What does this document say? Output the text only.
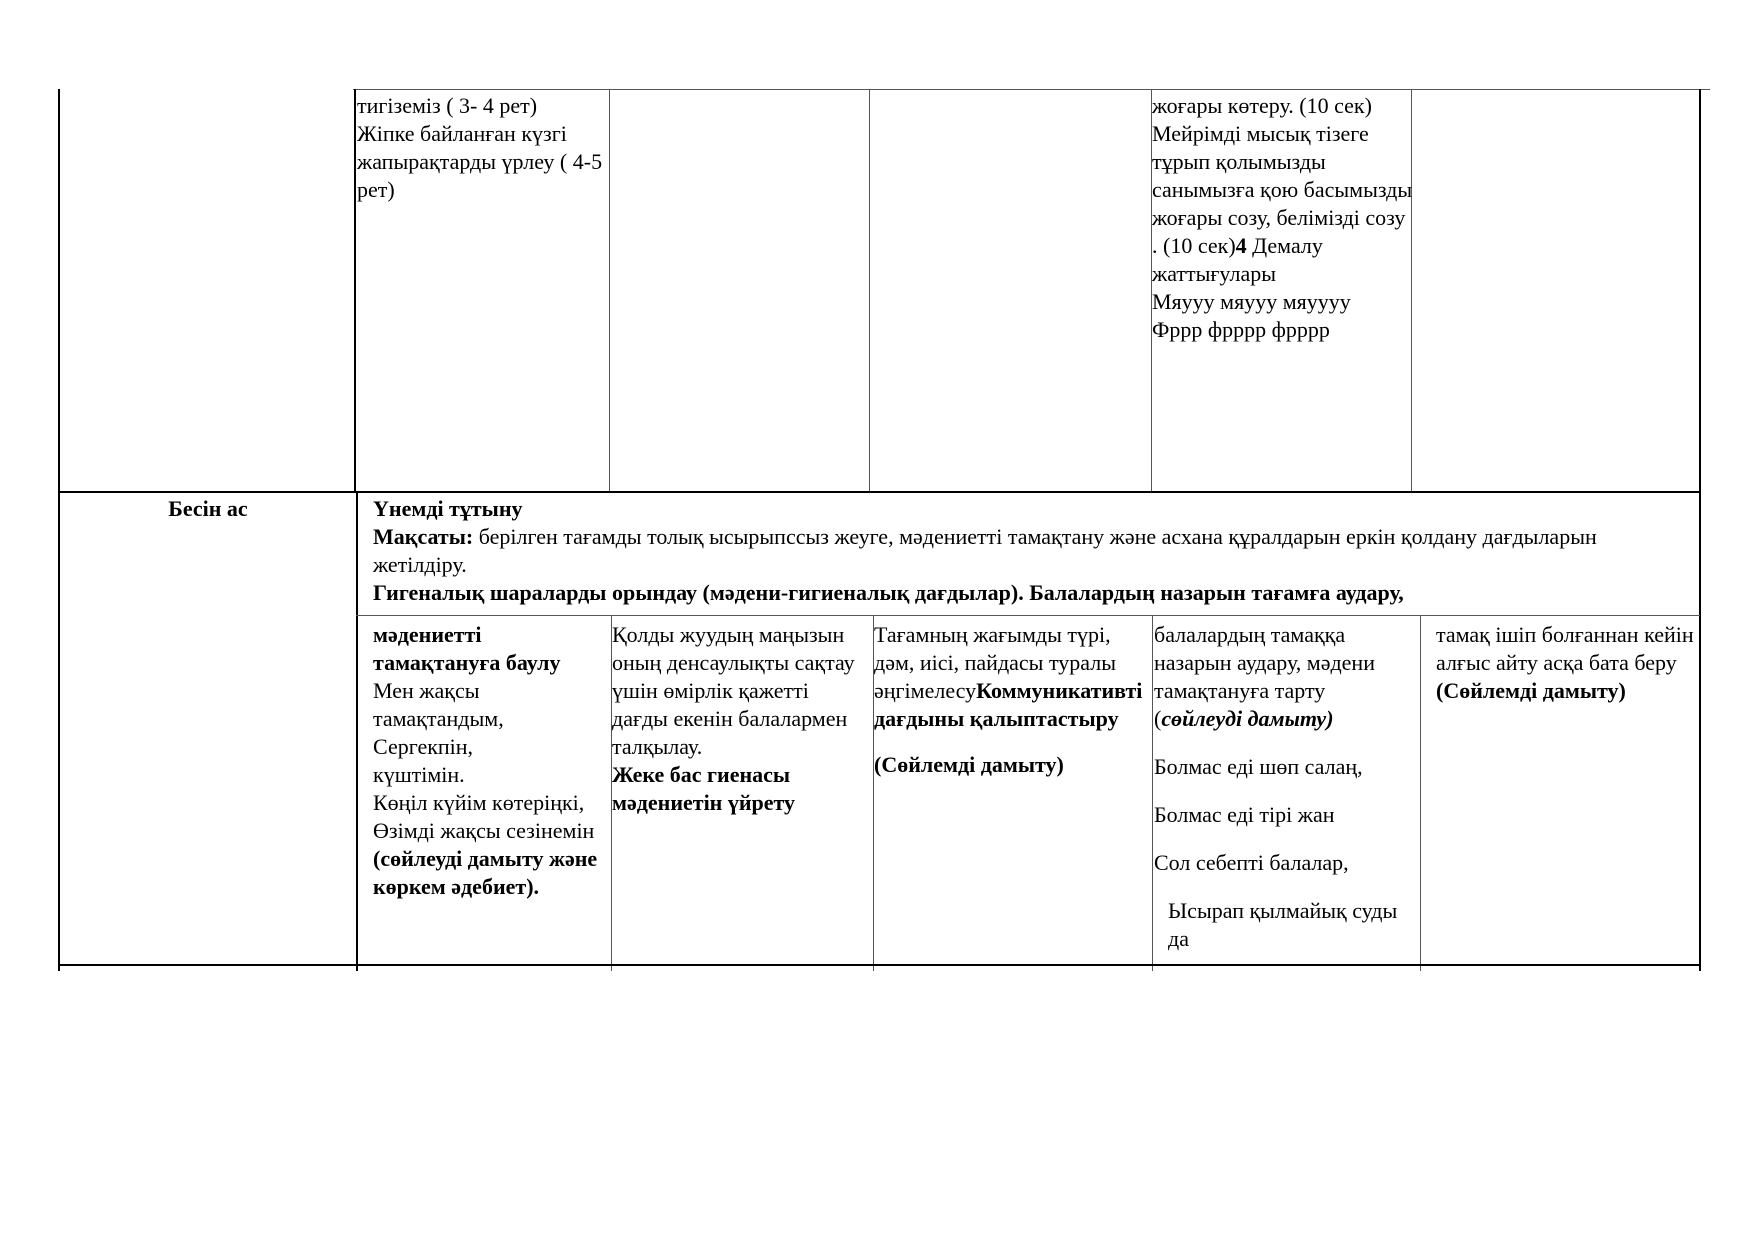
тигіземіз ( 3- 4 рет)

Жіпке байланған күзгі жапырақтарды үрлеу ( 4-5 рет)

жоғары көтеру. (10 сек)

Мейрімді мысық тізеге тұрып қолымызды санымызға қою басымызды жоғары созу, белімізді созу . (10 сек)4 Демалу жаттығулары

Мяууу мяууу мяуууу

Фррр фрррр фрррр

Бесін ас	Үнемді тұтыну

Мақсаты: берілген тағамды толық ысырыпссыз жеуге, мәдениетті тамақтану және асхана құралдарын еркін қолдану дағдыларын жетілдіру.

Гигеналық шараларды орындау (мәдени-гигиеналық дағдылар). Балалардың назарын тағамға аудару,

мәдениетті тамақтануға баулу

Мен жақсы тамақтандым,

Сергекпін,

күштімін.

Көңіл күйім көтеріңкі,

Өзімді жақсы сезінемін (сөйлеуді дамыту және көркем әдебиет).

Қолды жуудың маңызын оның денсаулықты сақтау үшін өмірлік қажетті дағды екенін балалармен талқылау.

Жеке бас гиенасы мәдениетін үйрету

Тағамның жағымды түрі, дәм, иісі, пайдасы туралы әңгімелесуКоммуникативті дағдыны қалыптастыру

(Сөйлемді дамыту)

балалардың тамаққа назарын аудару, мәдени тамақтануға тарту (сөйлеуді дамыту)

Болмас еді шөп салаң,

Болмас еді тірі жан

Сол себепті балалар,

Ысырап қылмайық суды да

тамақ ішіп болғаннан кейін алғыс айту асқа бата беру

(Сөйлемді дамыту)
